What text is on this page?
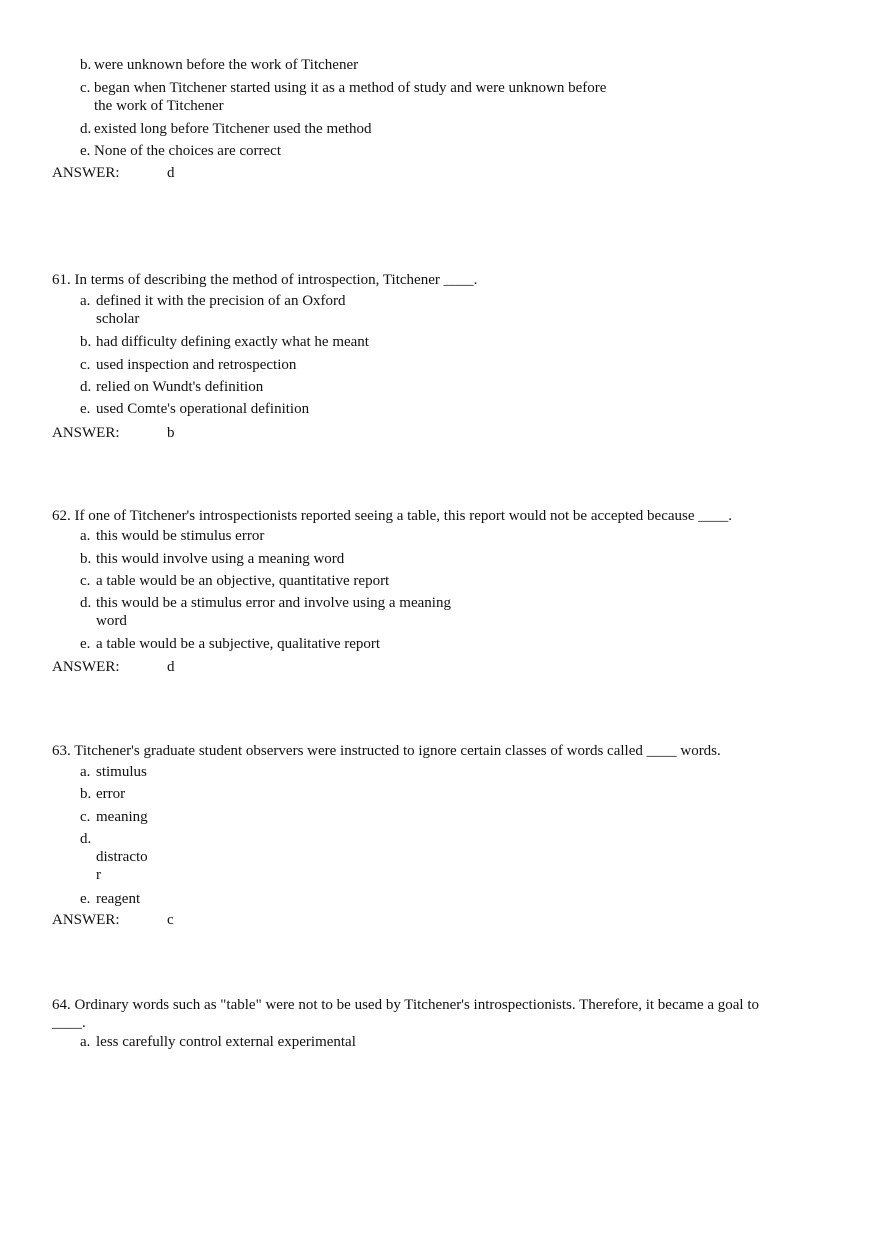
b. were unknown before the work of Titchener
c. began when Titchener started using it as a method of study and were unknown before
the work of Titchener
d. existed long before Titchener used the method
e. None of the choices are correct
ANSWER:	d
61. In terms of describing the method of introspection, Titchener ____.
a. defined it with the precision of an Oxford
scholar
b. had difficulty defining exactly what he meant
c. used inspection and retrospection
d. relied on Wundt's definition
e. used Comte's operational definition
ANSWER:	b
62. If one of Titchener's introspectionists reported seeing a table, this report would not be accepted because ____.
a. this would be stimulus error
b. this would involve using a meaning word
c. a table would be an objective, quantitative report
d. this would be a stimulus error and involve using a meaning
word
e. a table would be a subjective, qualitative report
ANSWER:	d
63. Titchener's graduate student observers were instructed to ignore certain classes of words called ____ words.
a. stimulus
b. error
c. meaning
d.
distracto
r
e. reagent
ANSWER:	c
64. Ordinary words such as "table" were not to be used by Titchener's introspectionists. Therefore, it became a goal to
____.
a. less carefully control external experimental
